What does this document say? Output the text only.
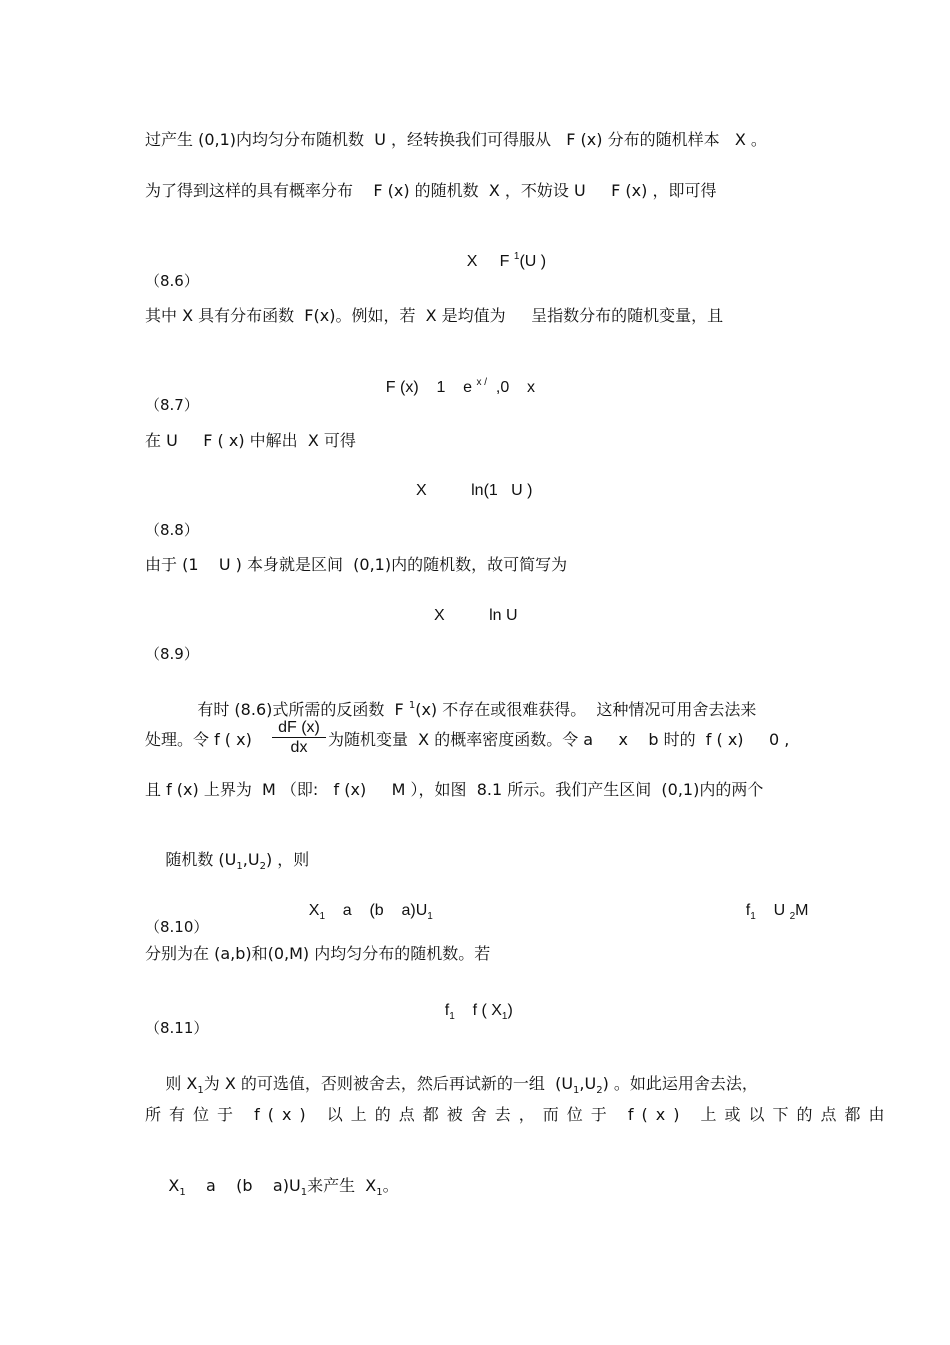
过产生 (0,1)内均匀分布随机数  U ，经转换我们可得服从   F (x) 分布的随机样本   X 。
为了得到这样的具有概率分布    F (x) 的随机数  X ，不妨设 U     F (x) ，即可得

X     F $^1$(U )

（8.6）
其中 X 具有分布函数  F(x)。例如，若  X 是均值为     呈指数分布的随机变量，且

F (x)    1    e $^{x /}$  ,0    x

（8.7）
在 U     F ( x) 中解出  X 可得
X          ln(1   U )
（8.8）
由于 (1    U ) 本身就是区间  (0,1)内的随机数，故可简写为
X          ln U
（8.9）

有时 (8.6)式所需的反函数  F $^1$(x) 不存在或很难获得。  这种情况可用舍去法来

处理。令 f ( $x) \frac{dF (x)}{dx}$ 为随机变量  X 的概率密度函数。令 a     x    b 时的  f ( x)     0 ,
且 f (x) 上界为  M （即:   f (x)     M ），如图  8.1 所示。我们产生区间  (0,1)内的两个

随机数 $(U_1,U_2)$ ，则

$X_1$    a    (b    $a)U_1$
	$f_1$    U $_2$M

（8.10）
分别为在 (a,b)和(0,M) 内均匀分布的随机数。若

$f_1$    f ( $X_1$)

（8.11）

则 $X_1$为 X 的可选值，否则被舍去，然后再试新的一组  $(U_1,U_2)$ 。如此运用舍去法，

所有位于 f(x) 以上的点都被舍去，而位于 f(x) 上或以下的点都由

$X_1$    a    (b    $a)U_1$来产生  $X_1$。
